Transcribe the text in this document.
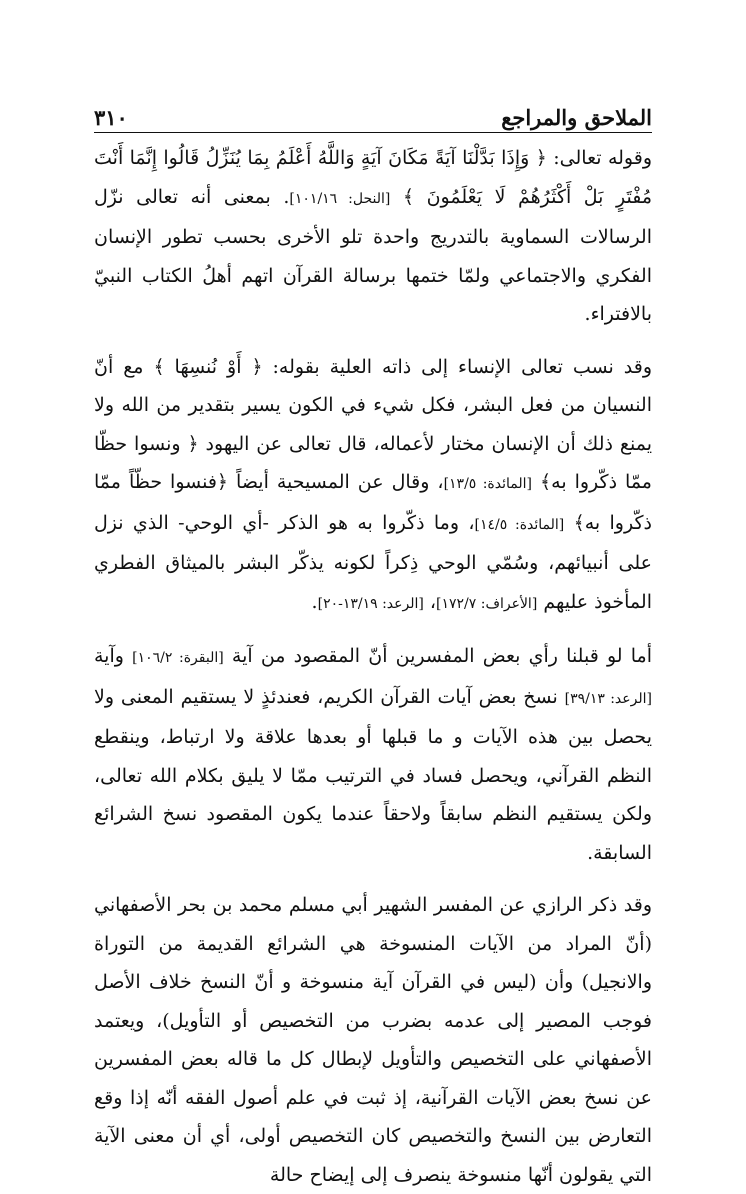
الملاحق والمراجع
٣١٠

وقوله تعالى: ﴿ وَإِذَا بَدَّلْنَا آيَةً مَكَانَ آيَةٍ وَاللَّهُ أَعْلَمُ بِمَا يُنَزِّلُ قَالُوا إِنَّمَا أَنْتَ مُفْتَرٍ بَلْ أَكْثَرُهُمْ لَا يَعْلَمُونَ ﴾ [النحل: ١٠١/١٦]. بمعنى أنه تعالى نزّل الرسالات السماوية بالتدريج واحدة تلو الأخرى بحسب تطور الإنسان الفكري والاجتماعي ولمّا ختمها برسالة القرآن اتهم أهلُ الكتاب النبيّ بالافتراء.

وقد نسب تعالى الإنساء إلى ذاته العلية بقوله: ﴿ أَوْ نُنسِهَا ﴾ مع أنّ النسيان من فعل البشر، فكل شيء في الكون يسير بتقدير من الله ولا يمنع ذلك أن الإنسان مختار لأعماله، قال تعالى عن اليهود ﴿ ونسوا حظّا ممّا ذكّروا به﴾ [المائدة: ١٣/٥]، وقال عن المسيحية أيضاً ﴿فنسوا حظّاً ممّا ذكّروا به﴾ [المائدة: ١٤/٥]، وما ذكّروا به هو الذكر -أي الوحي- الذي نزل على أنبيائهم، وسُمّي الوحي ذِكراً لكونه يذكّر البشر بالميثاق الفطري المأخوذ عليهم [الأعراف: ١٧٢/٧]، [الرعد: ١٣/١٩-٢٠].

أما لو قبلنا رأي بعض المفسرين أنّ المقصود من آية [البقرة: ١٠٦/٢] وآية [الرعد: ٣٩/١٣] نسخ بعض آيات القرآن الكريم، فعندئذٍ لا يستقيم المعنى ولا يحصل بين هذه الآيات و ما قبلها أو بعدها علاقة ولا ارتباط، وينقطع النظم القرآني، ويحصل فساد في الترتيب ممّا لا يليق بكلام الله تعالى، ولكن يستقيم النظم سابقاً ولاحقاً عندما يكون المقصود نسخ الشرائع السابقة.

وقد ذكر الرازي عن المفسر الشهير أبي مسلم محمد بن بحر الأصفهاني (أنّ المراد من الآيات المنسوخة هي الشرائع القديمة من التوراة والانجيل) وأن (ليس في القرآن آية منسوخة و أنّ النسخ خلاف الأصل فوجب المصير إلى عدمه بضرب من التخصيص أو التأويل)، ويعتمد الأصفهاني على التخصيص والتأويل لإبطال كل ما قاله بعض المفسرين عن نسخ بعض الآيات القرآنية، إذ ثبت في علم أصول الفقه أنّه إذا وقع التعارض بين النسخ والتخصيص كان التخصيص أولى، أي أن معنى الآية التي يقولون أنّها منسوخة ينصرف إلى إيضاح حالة
